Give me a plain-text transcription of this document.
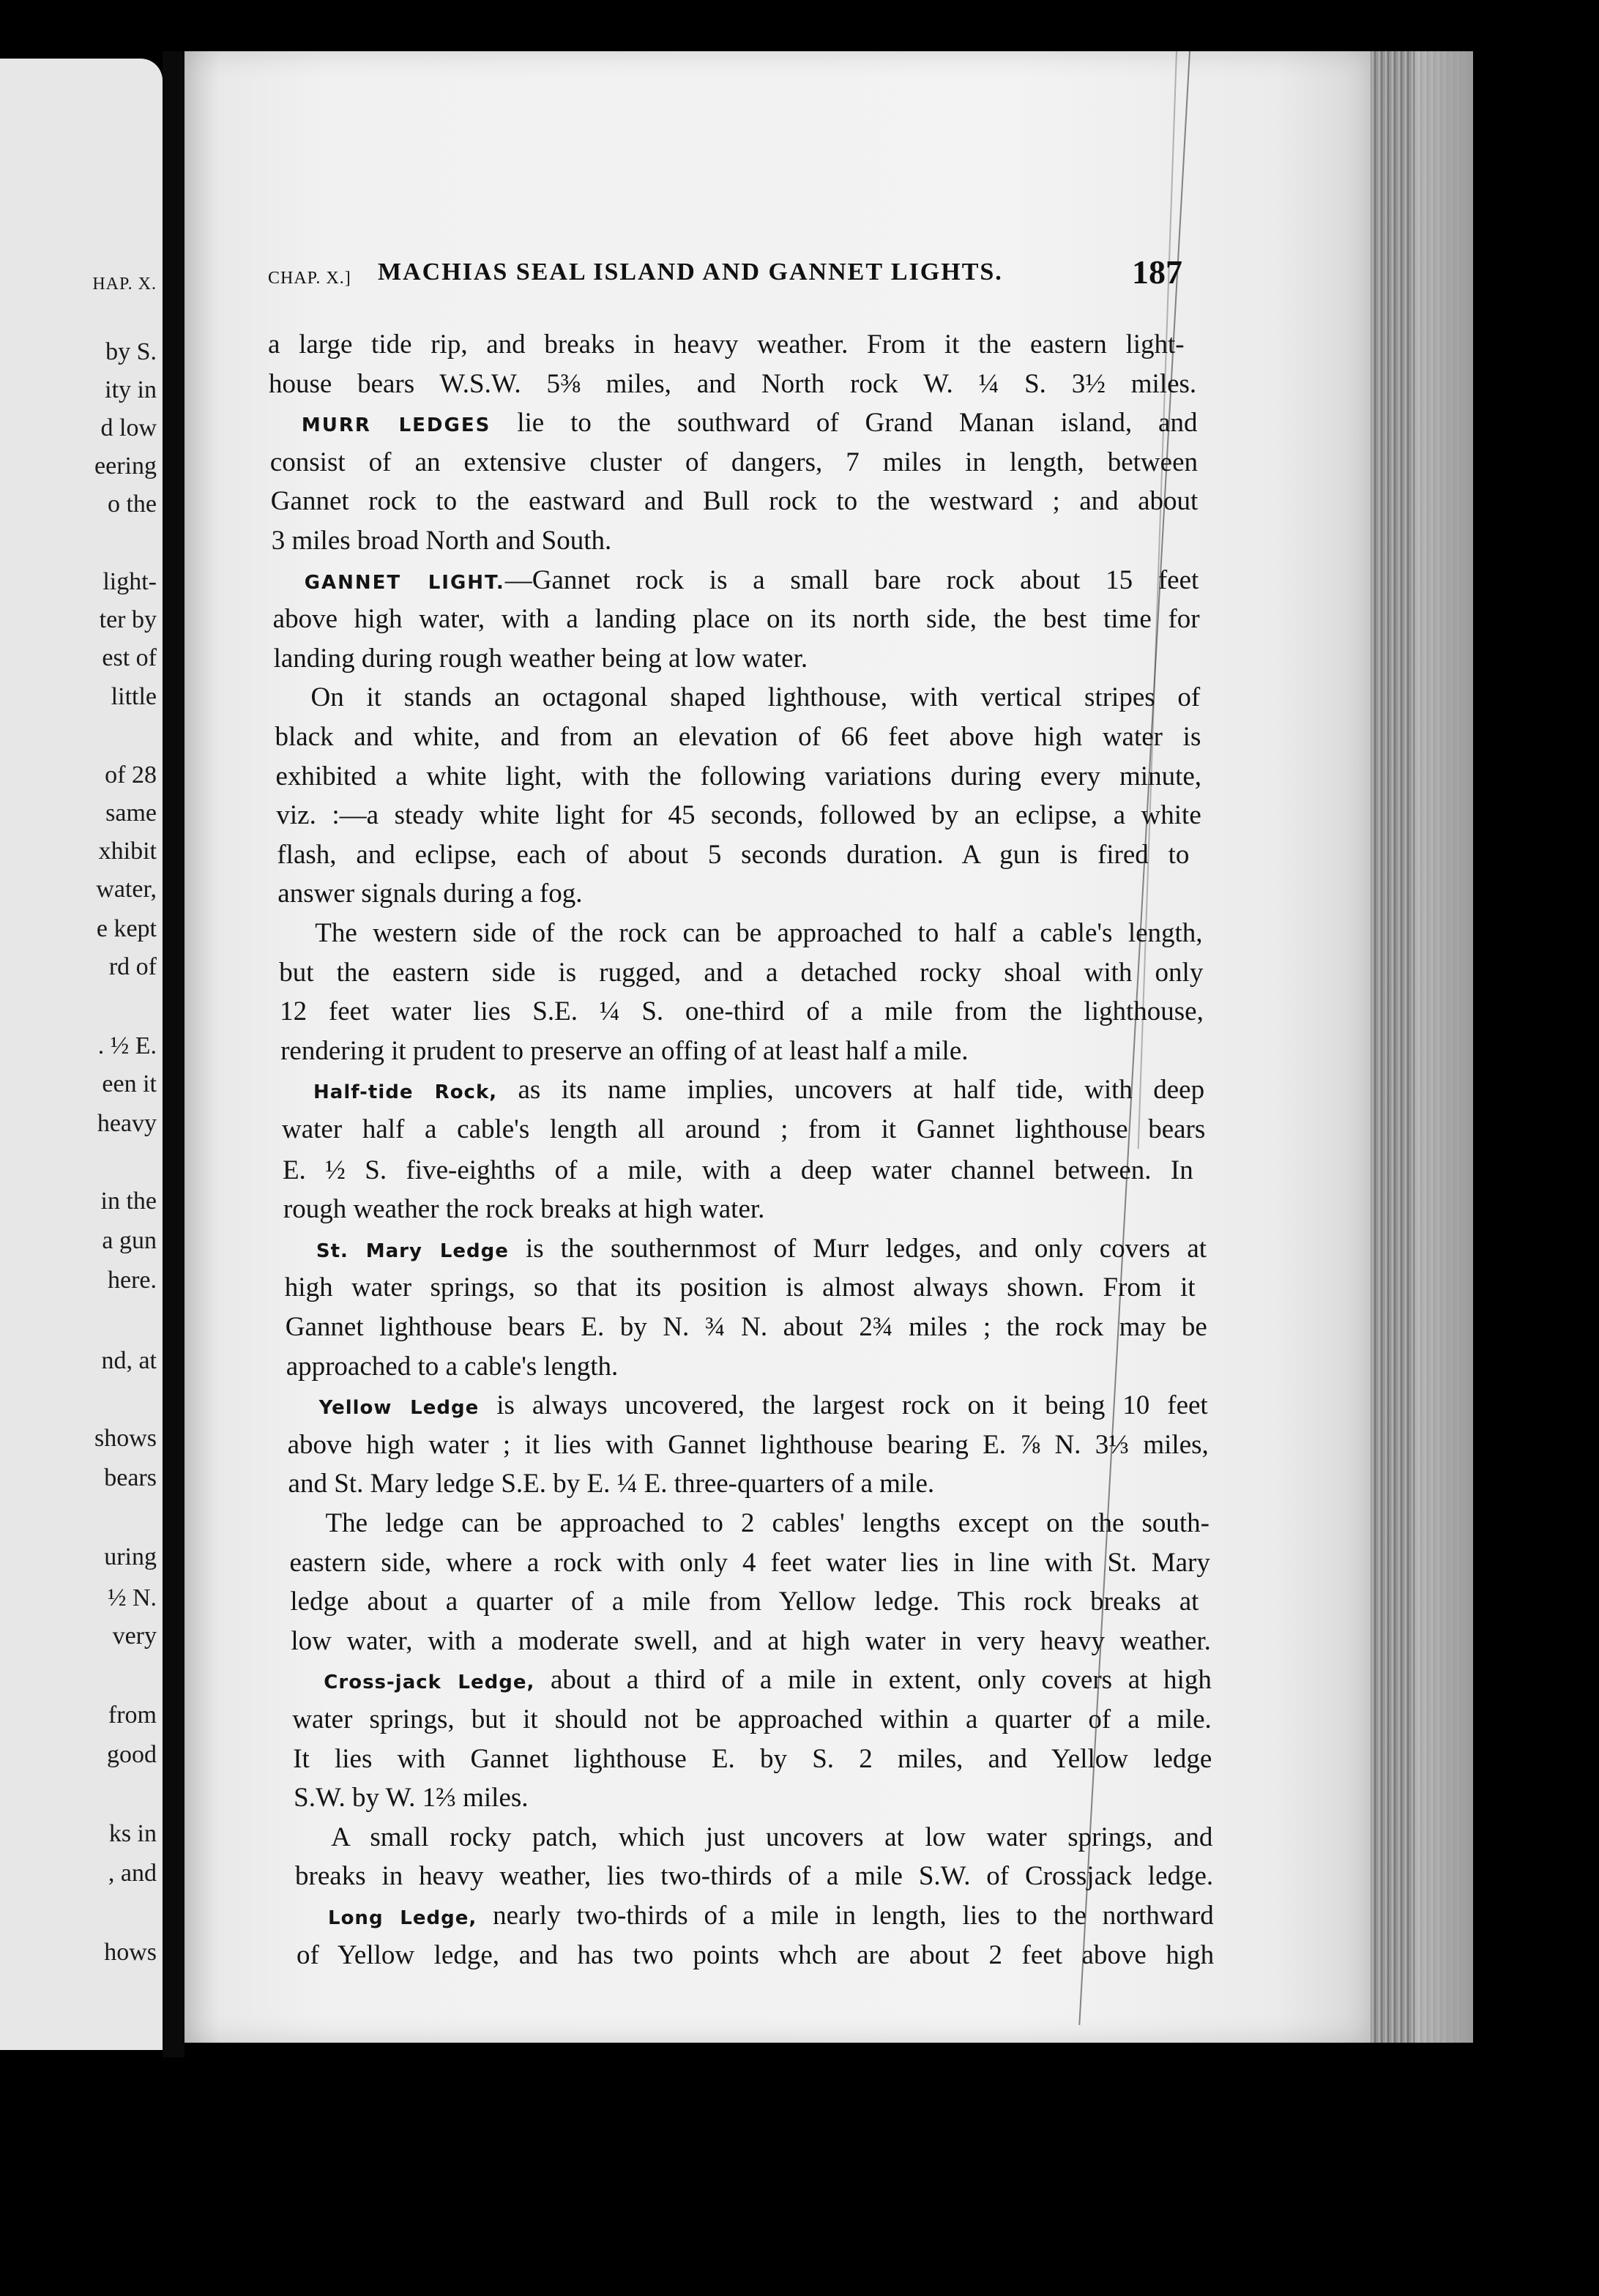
HAP. X.
by S.
ity in
d low
eering
o the
light-
ter by
est of
little
of 28
same
xhibit
water,
e kept
rd of
. ½ E.
een it
heavy
in the
a gun
here.
nd, at
shows
bears
uring
½ N.
very
from
good
ks in
, and
hows
CHAP. X.] MACHIAS SEAL ISLAND AND GANNET LIGHTS.	187
a large tide rip, and breaks in heavy weather. From it the eastern light-
house bears W.S.W. 5⅜ miles, and North rock W. ¼ S. 3½ miles.
MURR LEDGES lie to the southward of Grand Manan island, and
consist of an extensive cluster of dangers, 7 miles in length, between
Gannet rock to the eastward and Bull rock to the westward ; and about
3 miles broad North and South.
GANNET LIGHT.—Gannet rock is a small bare rock about 15 feet
above high water, with a landing place on its north side, the best time for
landing during rough weather being at low water.
On it stands an octagonal shaped lighthouse, with vertical stripes of
black and white, and from an elevation of 66 feet above high water is
exhibited a white light, with the following variations during every minute,
viz. :—a steady white light for 45 seconds, followed by an eclipse, a white
flash, and eclipse, each of about 5 seconds duration. A gun is fired to
answer signals during a fog.
The western side of the rock can be approached to half a cable's length,
but the eastern side is rugged, and a detached rocky shoal with only
12 feet water lies S.E. ¼ S. one-third of a mile from the lighthouse,
rendering it prudent to preserve an offing of at least half a mile.
Half-tide Rock, as its name implies, uncovers at half tide, with deep
water half a cable's length all around ; from it Gannet lighthouse bears
E. ½ S. five-eighths of a mile, with a deep water channel between. In
rough weather the rock breaks at high water.
St. Mary Ledge is the southernmost of Murr ledges, and only covers at
high water springs, so that its position is almost always shown. From it
Gannet lighthouse bears E. by N. ¾ N. about 2¾ miles ; the rock may be
approached to a cable's length.
Yellow Ledge is always uncovered, the largest rock on it being 10 feet
above high water ; it lies with Gannet lighthouse bearing E. ⅞ N. 3⅓ miles,
and St. Mary ledge S.E. by E. ¼ E. three-quarters of a mile.
The ledge can be approached to 2 cables' lengths except on the south-
eastern side, where a rock with only 4 feet water lies in line with St. Mary
ledge about a quarter of a mile from Yellow ledge. This rock breaks at
low water, with a moderate swell, and at high water in very heavy weather.
Cross-jack Ledge, about a third of a mile in extent, only covers at high
water springs, but it should not be approached within a quarter of a mile.
It lies with Gannet lighthouse E. by S. 2 miles, and Yellow ledge
S.W. by W. 1⅔ miles.
A small rocky patch, which just uncovers at low water springs, and
breaks in heavy weather, lies two-thirds of a mile S.W. of Crossjack ledge.
Long Ledge, nearly two-thirds of a mile in length, lies to the northward
of Yellow ledge, and has two points whch are about 2 feet above high
